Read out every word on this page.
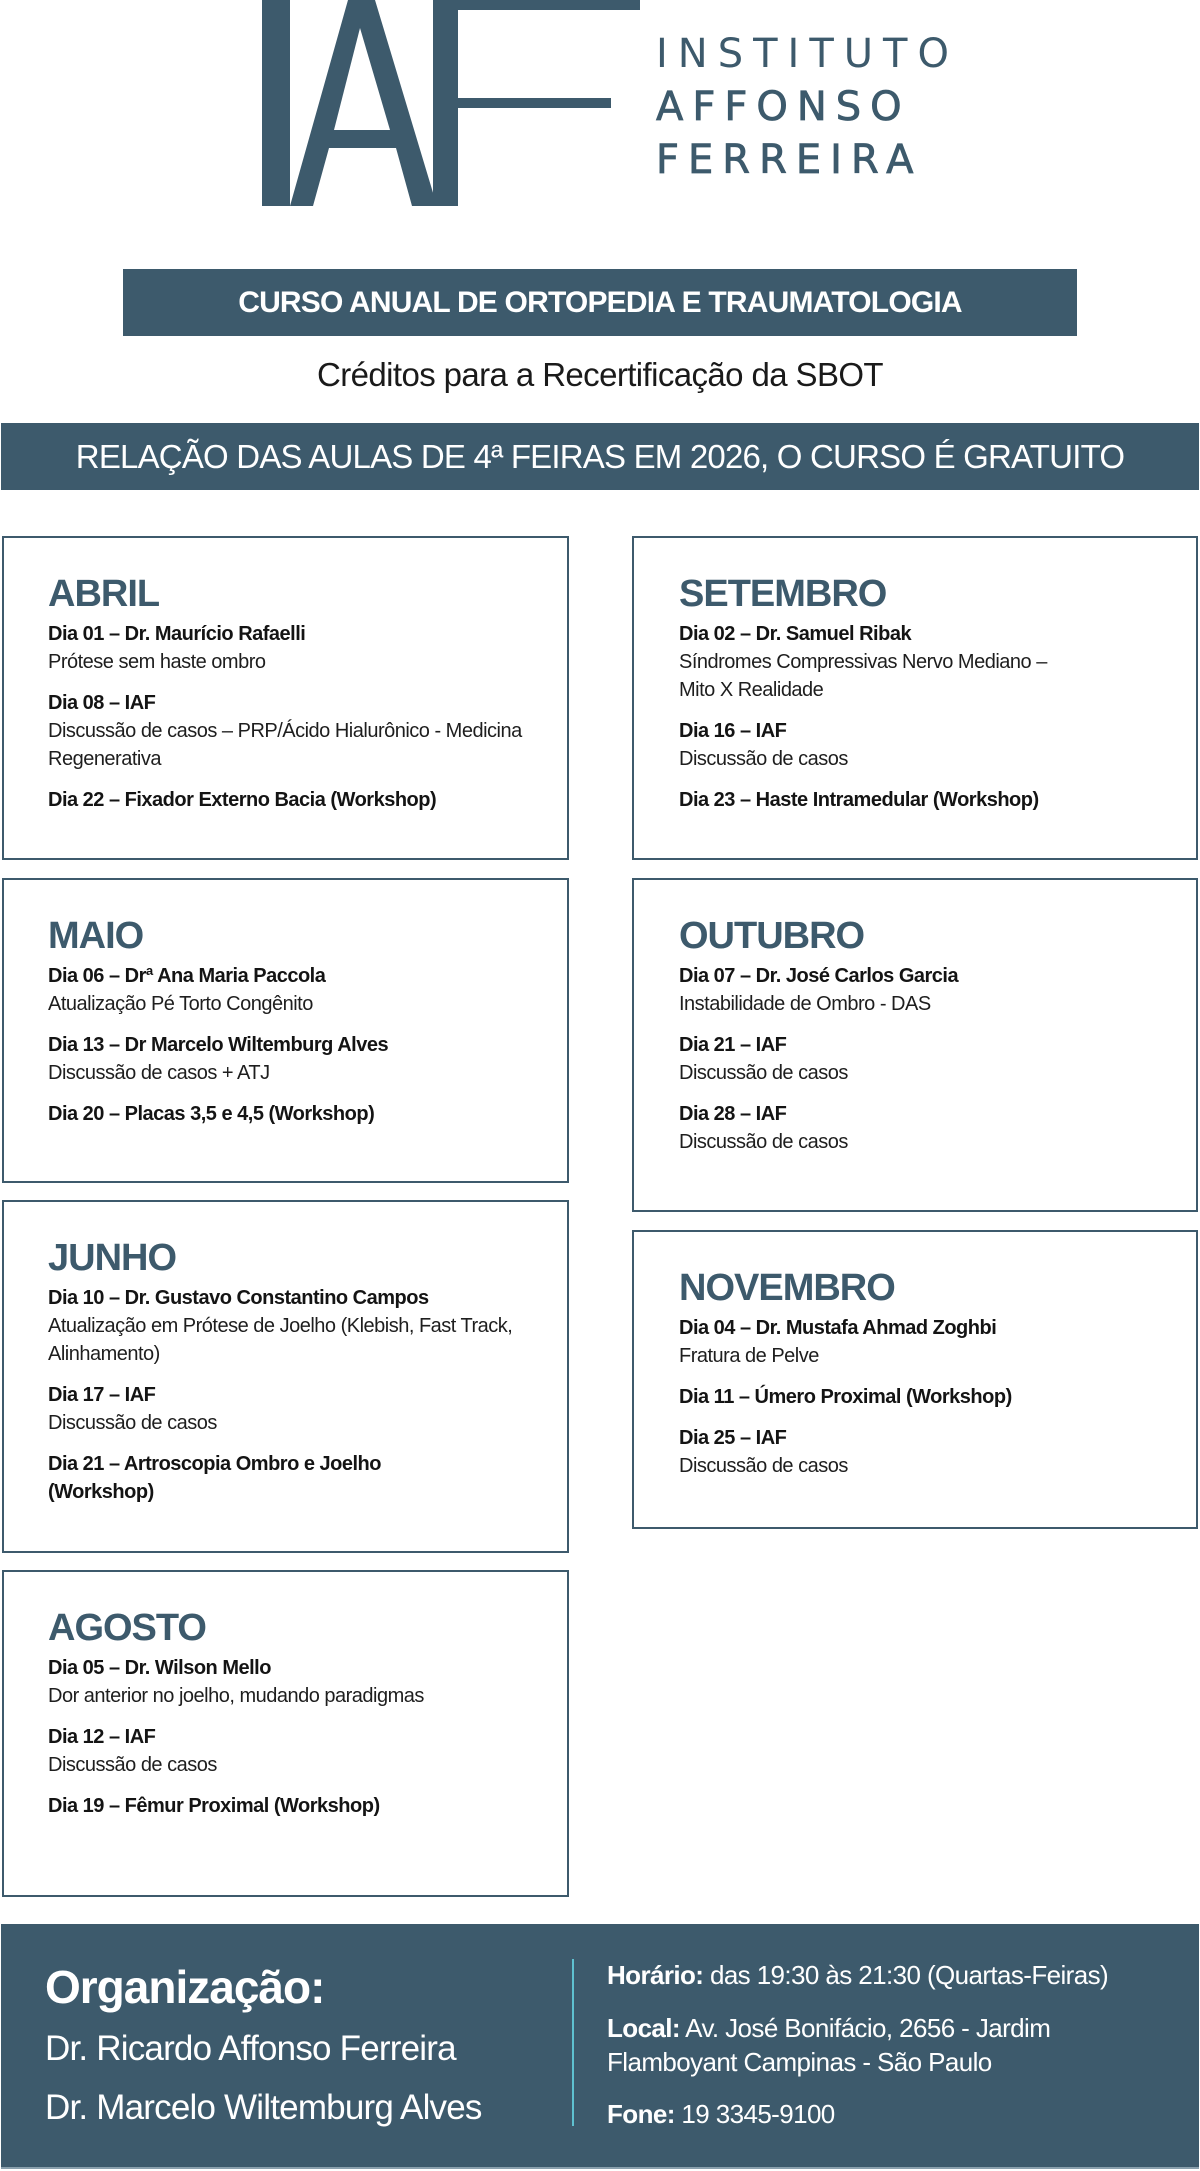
INSTITUTO
AFFONSO
FERREIRA
CURSO ANUAL DE ORTOPEDIA E TRAUMATOLOGIA
Créditos para a Recertificação da SBOT
RELAÇÃO DAS AULAS DE 4ª FEIRAS EM 2026, O CURSO É GRATUITO
ABRIL
Dia 01 – Dr. Maurício Rafaelli
Prótese sem haste ombro
Dia 08 – IAF
Discussão de casos – PRP/Ácido Hialurônico - Medicina Regenerativa
Dia 22 – Fixador Externo Bacia (Workshop)
MAIO
Dia 06 – Drª Ana Maria Paccola
Atualização Pé Torto Congênito
Dia 13 – Dr Marcelo Wiltemburg Alves
Discussão de casos + ATJ
Dia 20 – Placas 3,5 e 4,5 (Workshop)
JUNHO
Dia 10 – Dr. Gustavo Constantino Campos
Atualização em Prótese de Joelho (Klebish, Fast Track, Alinhamento)
Dia 17 – IAF
Discussão de casos
Dia 21 – Artroscopia Ombro e Joelho (Workshop)
AGOSTO
Dia 05 – Dr. Wilson Mello
Dor anterior no joelho, mudando paradigmas
Dia 12 – IAF
Discussão de casos
Dia 19 – Fêmur Proximal (Workshop)
SETEMBRO
Dia 02 – Dr. Samuel Ribak
Síndromes Compressivas Nervo Mediano – Mito X Realidade
Dia 16 – IAF
Discussão de casos
Dia 23 – Haste Intramedular (Workshop)
OUTUBRO
Dia 07 – Dr. José Carlos Garcia
Instabilidade de Ombro - DAS
Dia 21 – IAF
Discussão de casos
Dia 28 – IAF
Discussão de casos
NOVEMBRO
Dia 04 – Dr. Mustafa Ahmad Zoghbi
Fratura de Pelve
Dia 11 – Úmero Proximal (Workshop)
Dia 25 – IAF
Discussão de casos
Organização:
Dr. Ricardo Affonso Ferreira
Dr. Marcelo Wiltemburg Alves
Horário: das 19:30 às 21:30 (Quartas-Feiras)
Local: Av. José Bonifácio, 2656 - Jardim
Flamboyant Campinas - São Paulo
Fone: 19 3345-9100
